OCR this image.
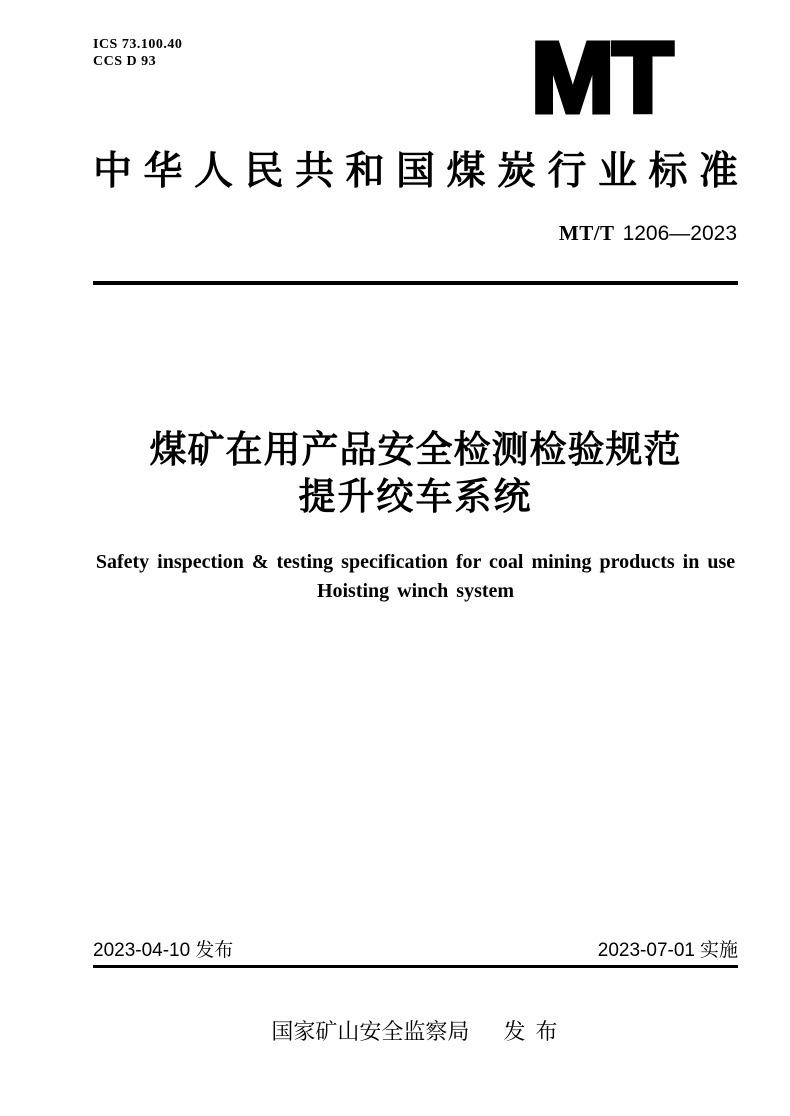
ICS 73.100.40
CCS D 93	MT
中华人民共和国煤炭行业标准
MT/T 1206—2023
煤矿在用产品安全检测检验规范
提升绞车系统
Safety inspection & testing specification for coal mining products in use
Hoisting winch system
2023-04-10 发布	2023-07-01 实施
国家矿山安全监察局 发 布
